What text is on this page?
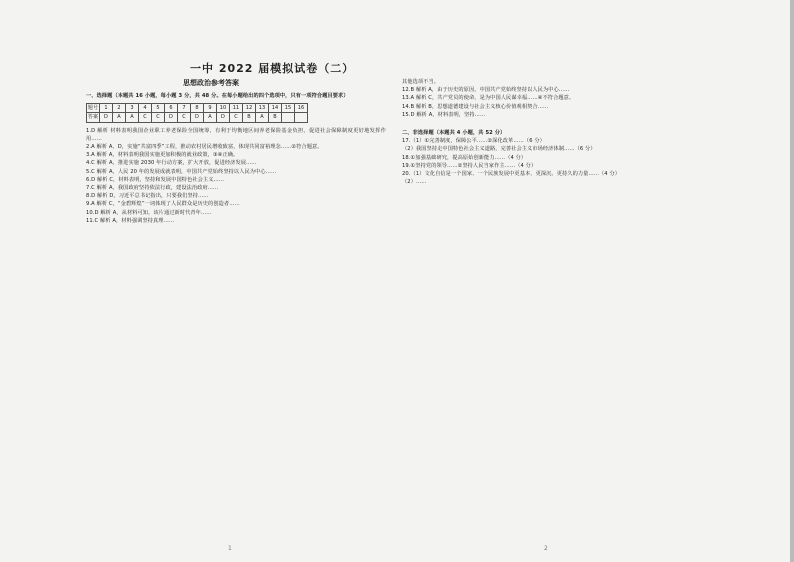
一中 2022 届模拟试卷（二）
思想政治参考答案
一、选择题（本题共 16 小题，每小题 3 分，共 48 分。在每小题给出的四个选项中，只有一项符合题目要求）
题号	1	2	3	4	5	6	7	8	9	10	11	12	13	14	15	16
答案	D	A	A	C	C	D	C	D	A	D	C	B	A	B		
1.D 解析 材料表明我国企业职工养老保险全国统筹，有利于均衡地区间养老保险基金负担，促进社会保障制度更好地发挥作用……
2.A 解析 A、D，实施“共富四季”工程，推动农村居民增收致富，体现共同富裕理念……②符合题意。
3.A 解析 A，材料表明我国实施更加积极的就业政策，③④正确。
4.C 解析 A，推进实施 2030 年行动方案，扩大开放，促进经济发展……
5.C 解析 A，人民 20 年的发展成就表明，中国共产党始终坚持以人民为中心……
6.D 解析 C，材料表明，坚持和发展中国特色社会主义……
7.C 解析 A，我国政府坚持依法行政，建设法治政府……
8.D 解析 D，习近平总书记指出，只要我们坚持……
9.A 解析 C，“金碧辉煌”一词体现了人民群众是历史的创造者……
10.D 解析 A，从材料可知，该片通过新时代青年……
11.C 解析 A，材料强调坚持真理……
其他选项不当。
12.B 解析 A，由于历史的原因，中国共产党始终坚持以人民为中心……
13.A 解析 C，共产党员的使命，是为中国人民谋幸福……④不符合题意。
14.B 解析 B，思想道德建设与社会主义核心价值观相契合……
15.D 解析 A，材料表明，坚持……
二、非选择题（本题共 4 小题，共 52 分）
17.（1）①完善制度，保障公平……②深化改革……（6 分）
（2）我国坚持走中国特色社会主义道路，完善社会主义市场经济体制……（6 分）
18.①加强基础研究，提高原始创新能力……（4 分）
19.①坚持党的领导……②坚持人民当家作主……（4 分）
20.（1）文化自信是一个国家、一个民族发展中更基本、更深沉、更持久的力量……（4 分）
（2）……
1	2
